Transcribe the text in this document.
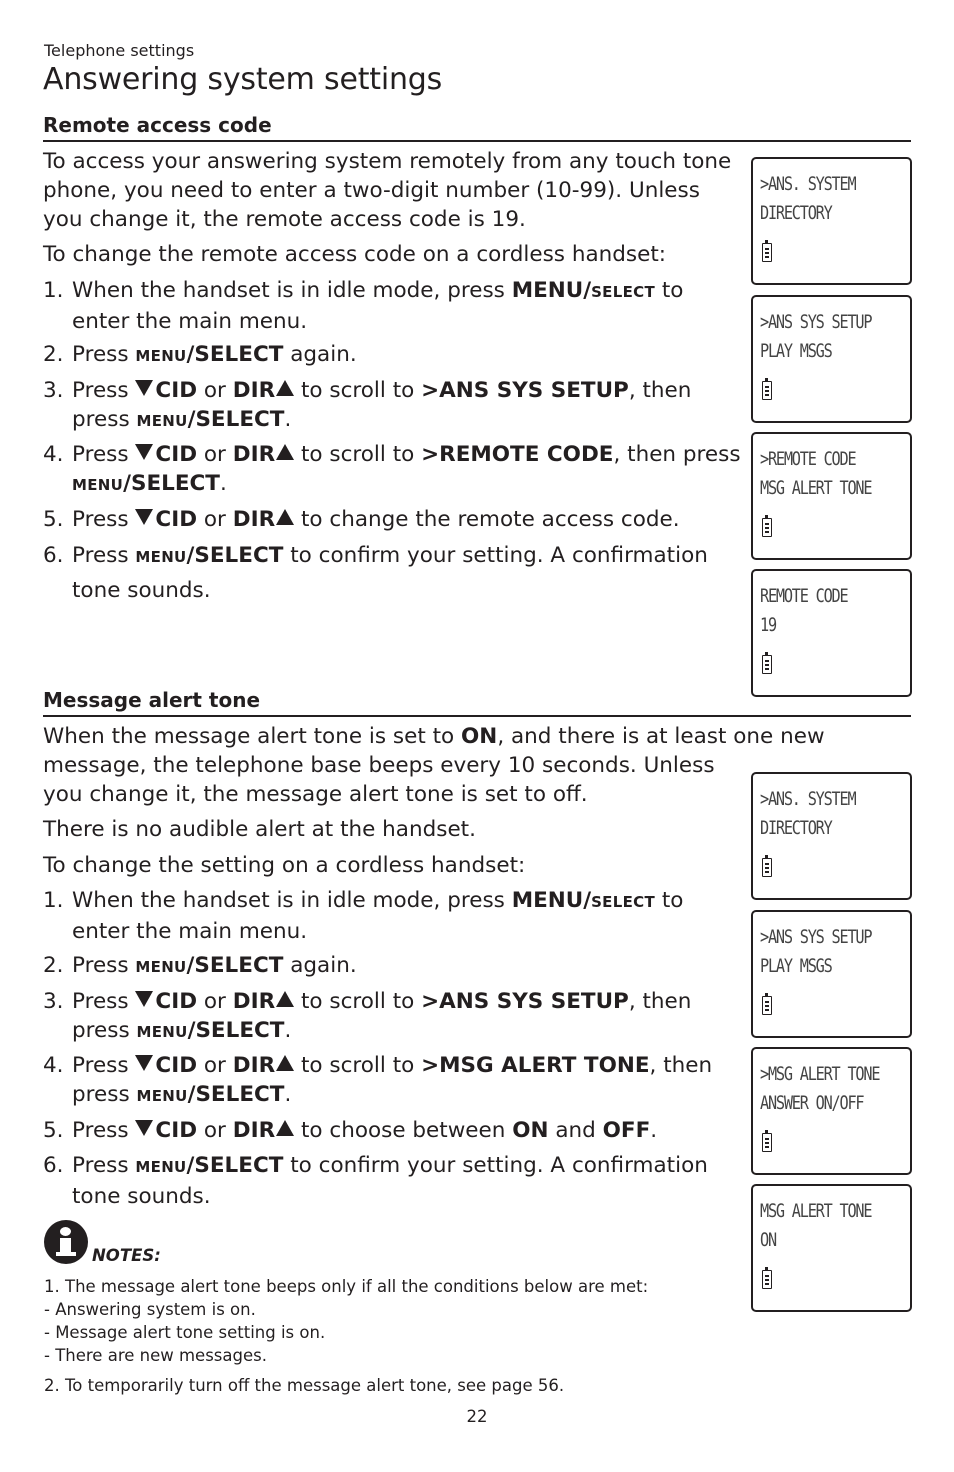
Telephone settings
Answering system settings
Remote access code
To access your answering system remotely from any touch tone
phone, you need to enter a two-digit number (10-99). Unless
you change it, the remote access code is 19.
To change the remote access code on a cordless handset:
1. When the handset is in idle mode, press MENU/SELECT to
enter the main menu.
2. Press MENU/SELECT again.
3. Press CID or DIR to scroll to >ANS SYS SETUP, then
press MENU/SELECT.
4. Press CID or DIR to scroll to >REMOTE CODE, then press
MENU/SELECT.
5. Press CID or DIR to change the remote access code.
6. Press MENU/SELECT to confirm your setting. A confirmation
tone sounds.
>ANS. SYSTEM
DIRECTORY
>ANS SYS SETUP
PLAY MSGS
>REMOTE CODE
MSG ALERT TONE
REMOTE CODE
19
Message alert tone
When the message alert tone is set to ON, and there is at least one new
message, the telephone base beeps every 10 seconds. Unless
you change it, the message alert tone is set to off.
There is no audible alert at the handset.
To change the setting on a cordless handset:
1. When the handset is in idle mode, press MENU/SELECT to
enter the main menu.
2. Press MENU/SELECT again.
3. Press CID or DIR to scroll to >ANS SYS SETUP, then
press MENU/SELECT.
4. Press CID or DIR to scroll to >MSG ALERT TONE, then
press MENU/SELECT.
5. Press CID or DIR to choose between ON and OFF.
6. Press MENU/SELECT to confirm your setting. A confirmation
tone sounds.
>ANS. SYSTEM
DIRECTORY
>ANS SYS SETUP
PLAY MSGS
>MSG ALERT TONE
ANSWER ON/OFF
MSG ALERT TONE
ON
NOTES:
1. The message alert tone beeps only if all the conditions below are met:
- Answering system is on.
- Message alert tone setting is on.
- There are new messages.
2. To temporarily turn off the message alert tone, see page 56.
22
